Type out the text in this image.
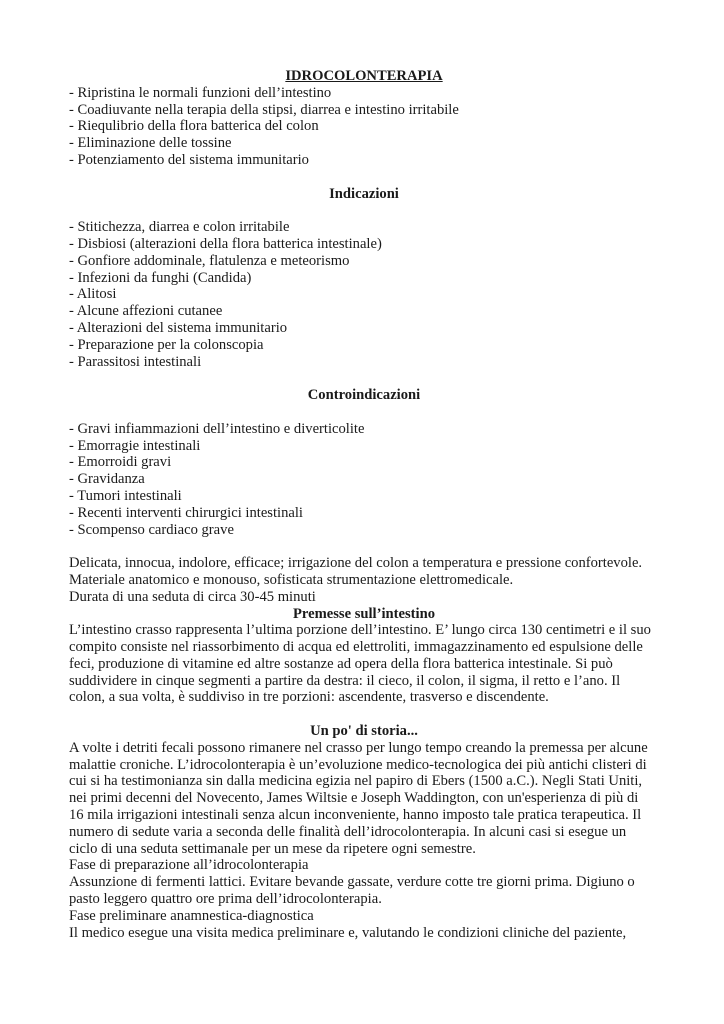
IDROCOLONTERAPIA
- Ripristina le normali funzioni dell’intestino
- Coadiuvante nella terapia della stipsi, diarrea e intestino irritabile
- Riequlibrio della flora batterica del colon
- Eliminazione delle tossine
- Potenziamento del sistema immunitario
Indicazioni
- Stitichezza, diarrea e colon irritabile
- Disbiosi (alterazioni della flora batterica intestinale)
- Gonfiore addominale, flatulenza e meteorismo
- Infezioni da funghi (Candida)
- Alitosi
- Alcune affezioni cutanee
- Alterazioni del sistema immunitario
- Preparazione per la colonscopia
- Parassitosi intestinali
Controindicazioni
- Gravi infiammazioni dell’intestino e diverticolite
- Emorragie intestinali
- Emorroidi gravi
- Gravidanza
- Tumori intestinali
- Recenti interventi chirurgici intestinali
- Scompenso cardiaco grave
Delicata, innocua, indolore, efficace; irrigazione del colon a temperatura e pressione confortevole.
Materiale anatomico e monouso, sofisticata strumentazione elettromedicale.
Durata di una seduta di circa 30-45 minuti
Premesse sull’intestino
L’intestino crasso rappresenta l’ultima porzione dell’intestino. E’ lungo circa 130 centimetri e il suo
compito consiste nel riassorbimento di acqua ed elettroliti, immagazzinamento ed espulsione delle
feci, produzione di vitamine ed altre sostanze ad opera della flora batterica intestinale. Si può
suddividere in cinque segmenti a partire da destra: il cieco, il colon, il sigma, il retto e l’ano. Il
colon, a sua volta, è suddiviso in tre porzioni: ascendente, trasverso e discendente.
Un po' di storia...
A volte i detriti fecali possono rimanere nel crasso per lungo tempo creando la premessa per alcune
malattie croniche. L’idrocolonterapia è un’evoluzione medico-tecnologica dei più antichi clisteri di
cui si ha testimonianza sin dalla medicina egizia nel papiro di Ebers (1500 a.C.). Negli Stati Uniti,
nei primi decenni del Novecento, James Wiltsie e Joseph Waddington, con un'esperienza di più di
16 mila irrigazioni intestinali senza alcun inconveniente, hanno imposto tale pratica terapeutica. Il
numero di sedute varia a seconda delle finalità dell’idrocolonterapia. In alcuni casi si esegue un
ciclo di una seduta settimanale per un mese da ripetere ogni semestre.
Fase di preparazione all’idrocolonterapia
Assunzione di fermenti lattici. Evitare bevande gassate, verdure cotte tre giorni prima. Digiuno o
pasto leggero quattro ore prima dell’idrocolonterapia.
Fase preliminare anamnestica-diagnostica
Il medico esegue una visita medica preliminare e, valutando le condizioni cliniche del paziente,
